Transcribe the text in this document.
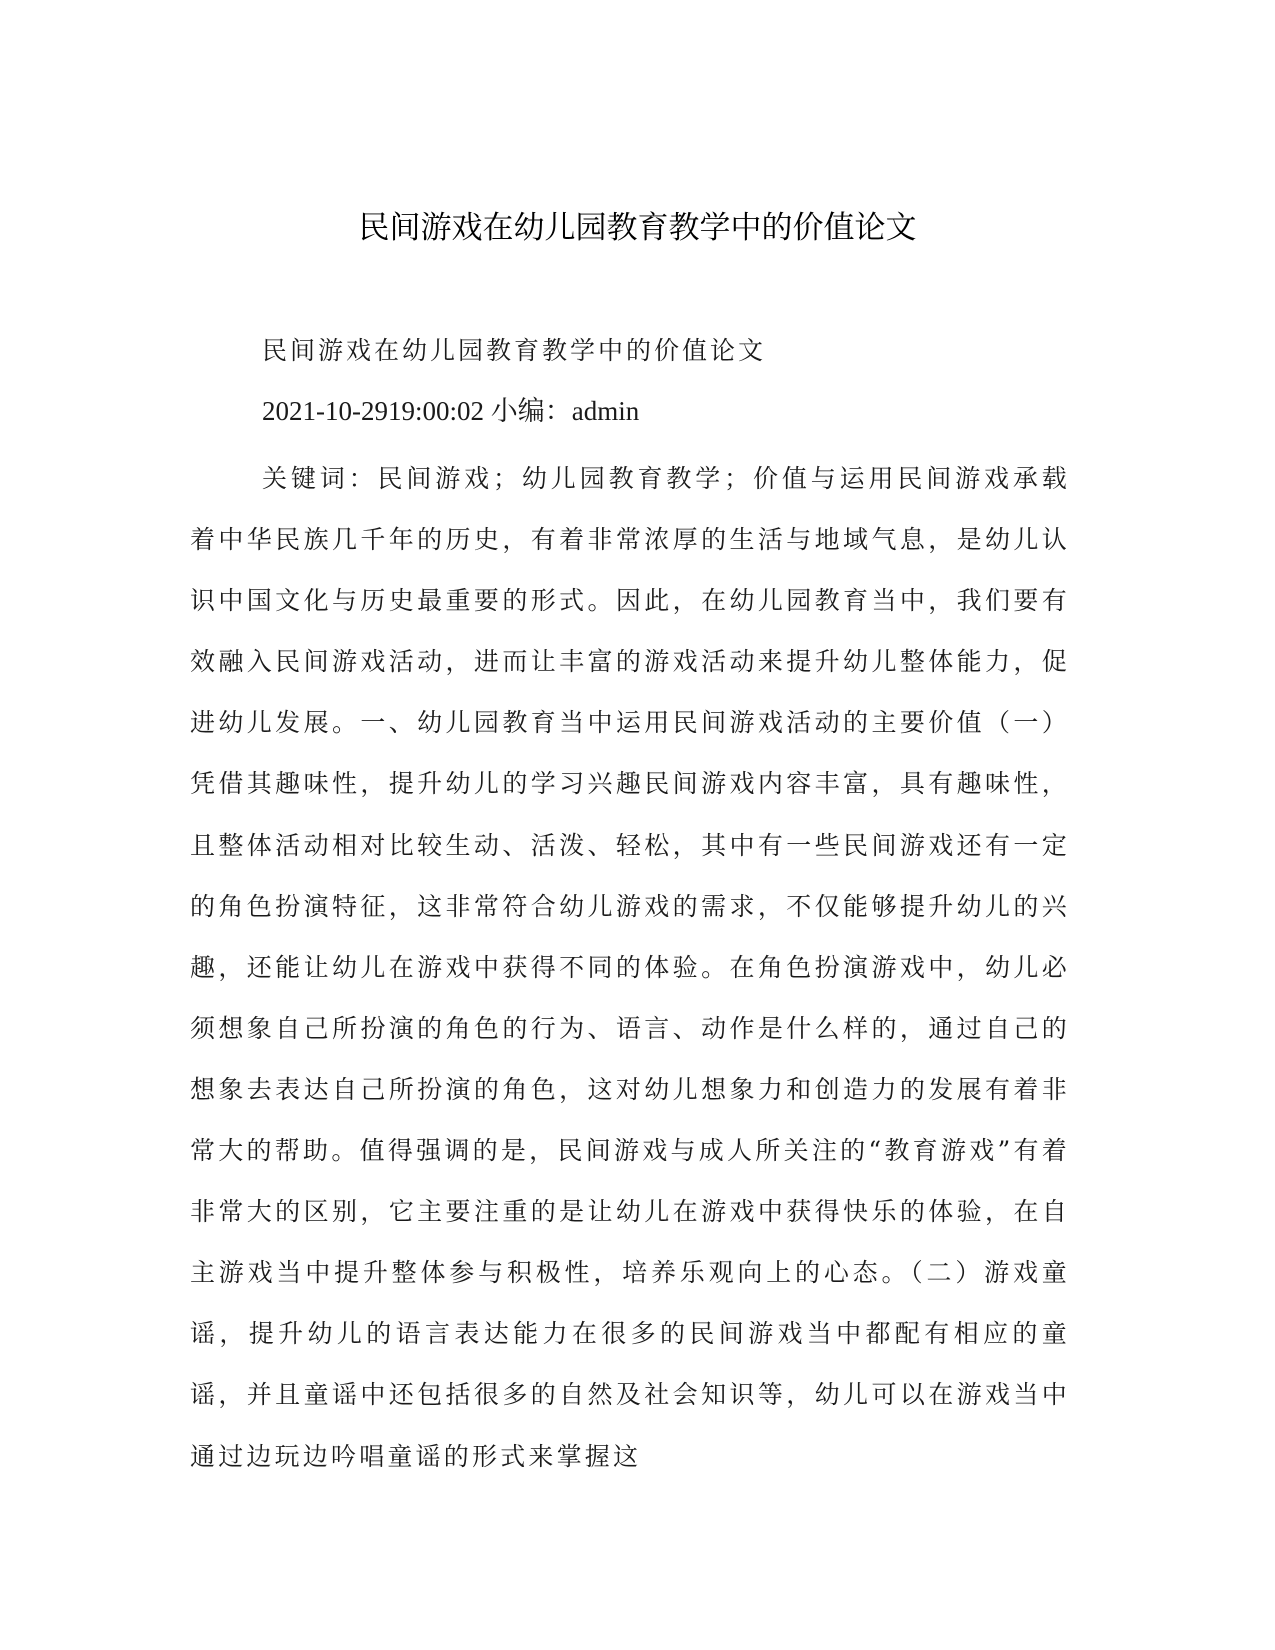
民间游戏在幼儿园教育教学中的价值论文

民间游戏在幼儿园教育教学中的价值论文

2021-10-2919:00:02 小编：admin

关键词：民间游戏；幼儿园教育教学；价值与运用民间游戏承载着中华民族几千年的历史，有着非常浓厚的生活与地域气息，是幼儿认识中国文化与历史最重要的形式。因此，在幼儿园教育当中，我们要有效融入民间游戏活动，进而让丰富的游戏活动来提升幼儿整体能力，促进幼儿发展。一、幼儿园教育当中运用民间游戏活动的主要价值（一）凭借其趣味性，提升幼儿的学习兴趣民间游戏内容丰富，具有趣味性，且整体活动相对比较生动、活泼、轻松，其中有一些民间游戏还有一定的角色扮演特征，这非常符合幼儿游戏的需求，不仅能够提升幼儿的兴趣，还能让幼儿在游戏中获得不同的体验。在角色扮演游戏中，幼儿必须想象自己所扮演的角色的行为、语言、动作是什么样的，通过自己的想象去表达自己所扮演的角色，这对幼儿想象力和创造力的发展有着非常大的帮助。值得强调的是，民间游戏与成人所关注的“教育游戏”有着非常大的区别，它主要注重的是让幼儿在游戏中获得快乐的体验，在自主游戏当中提升整体参与积极性，培养乐观向上的心态。（二）游戏童谣，提升幼儿的语言表达能力在很多的民间游戏当中都配有相应的童谣，并且童谣中还包括很多的自然及社会知识等，幼儿可以在游戏当中通过边玩边吟唱童谣的形式来掌握这
